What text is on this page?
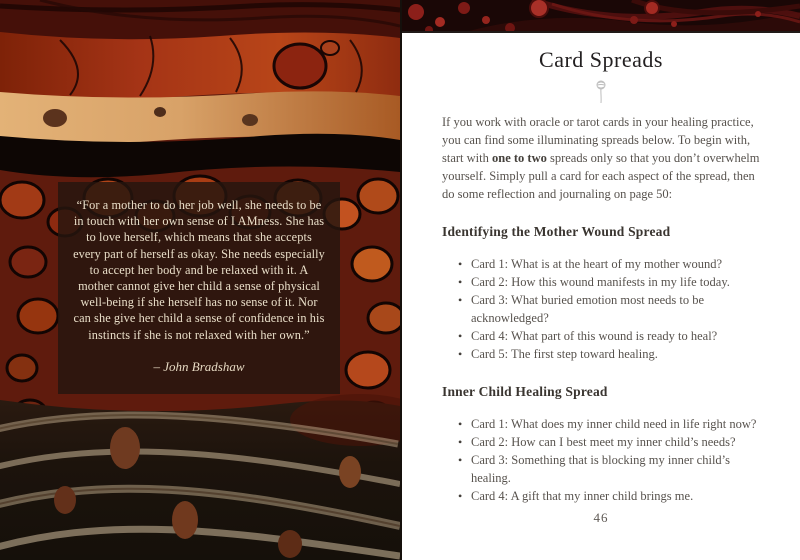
“For a mother to do her job well, she needs to be in touch with her own sense of I AMness. She has to love herself, which means that she accepts every part of herself as okay. She needs especially to accept her body and be relaxed with it. A mother cannot give her child a sense of physical well-being if she herself has no sense of it. Nor can she give her child a sense of confidence in his instincts if she is not relaxed with her own.”
– John Bradshaw
Card Spreads

If you work with oracle or tarot cards in your healing practice, you can find some illuminating spreads below. To begin with, start with one to two spreads only so that you don’t overwhelm yourself. Simply pull a card for each aspect of the spread, then do some reflection and journaling on page 50:

Identifying the Mother Wound Spread
• Card 1: What is at the heart of my mother wound?
• Card 2: How this wound manifests in my life today.
• Card 3: What buried emotion most needs to be acknowledged?
• Card 4: What part of this wound is ready to heal?
• Card 5: The first step toward healing.
Inner Child Healing Spread
• Card 1: What does my inner child need in life right now?
• Card 2: How can I best meet my inner child’s needs?
• Card 3: Something that is blocking my inner child’s healing.
• Card 4: A gift that my inner child brings me.
46
